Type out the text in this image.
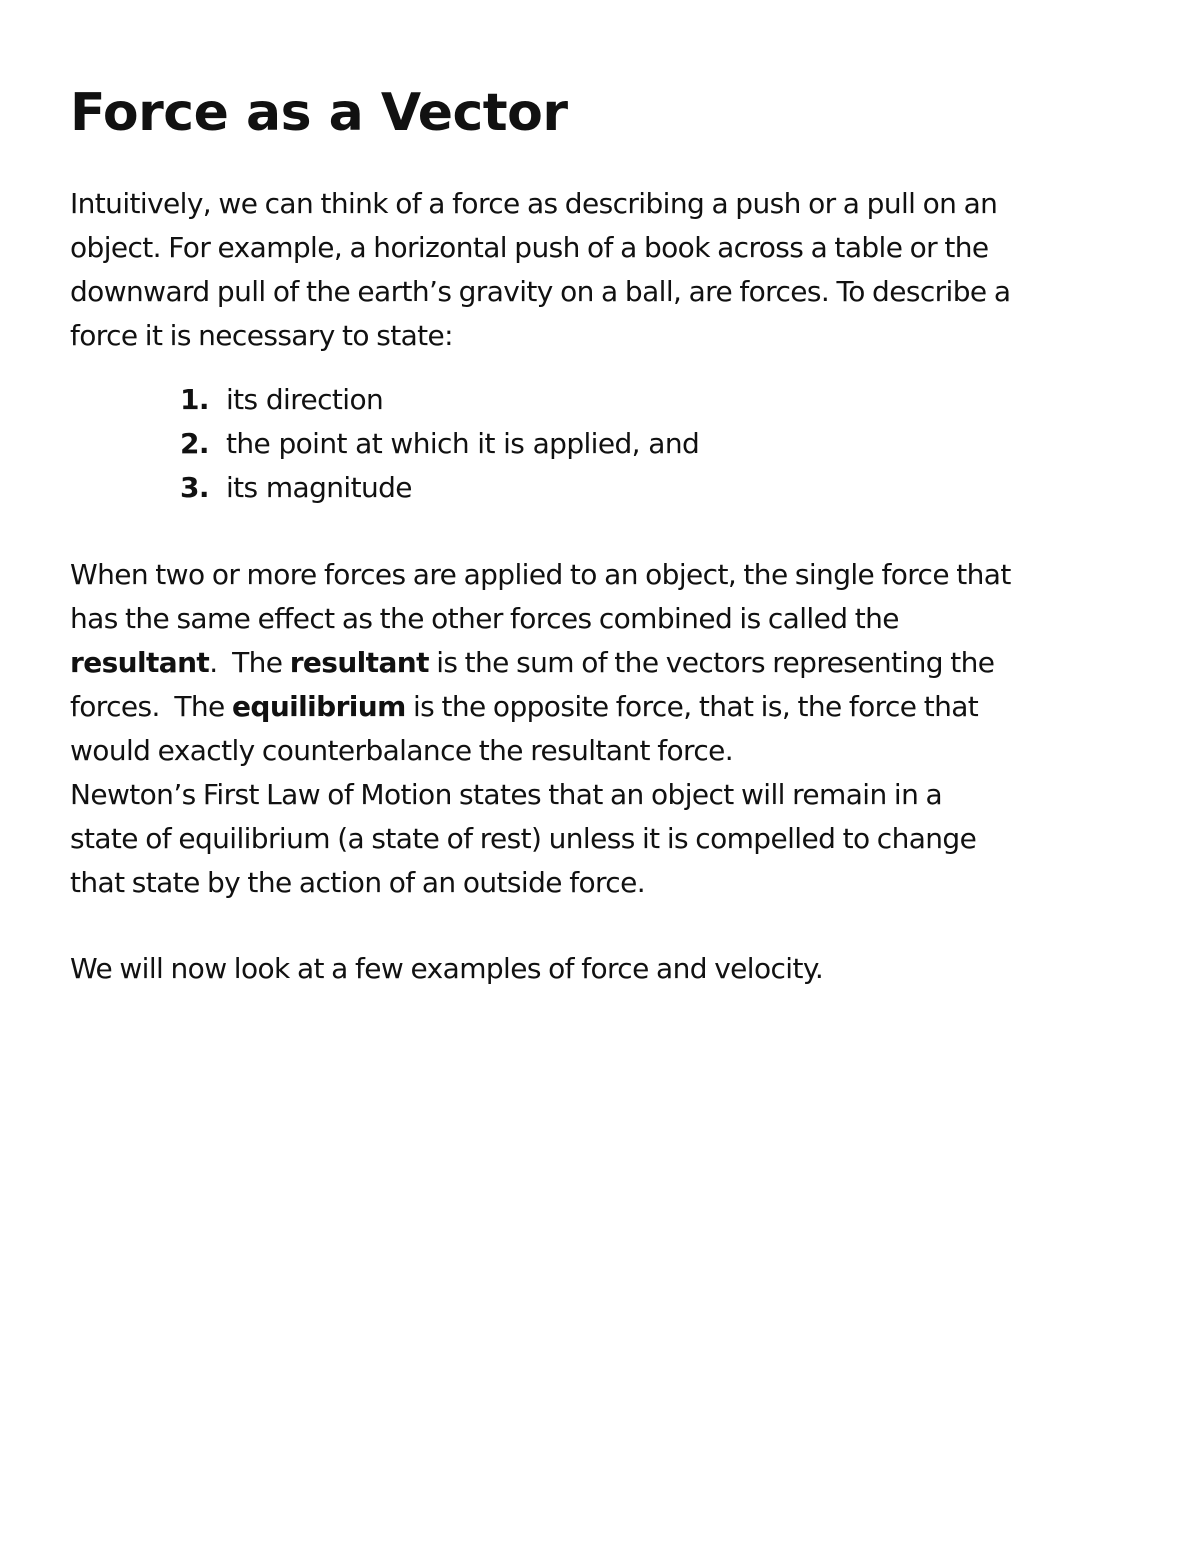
Force as a Vector

Intuitively, we can think of a force as describing a push or a pull on an
object. For example, a horizontal push of a book across a table or the
downward pull of the earth’s gravity on a ball, are forces. To describe a
force it is necessary to state:

1. its direction
2. the point at which it is applied, and
3. its magnitude

When two or more forces are applied to an object, the single force that
has the same effect as the other forces combined is called the
resultant.  The resultant is the sum of the vectors representing the
forces.  The equilibrium is the opposite force, that is, the force that
would exactly counterbalance the resultant force.
Newton’s First Law of Motion states that an object will remain in a
state of equilibrium (a state of rest) unless it is compelled to change
that state by the action of an outside force.

We will now look at a few examples of force and velocity.
